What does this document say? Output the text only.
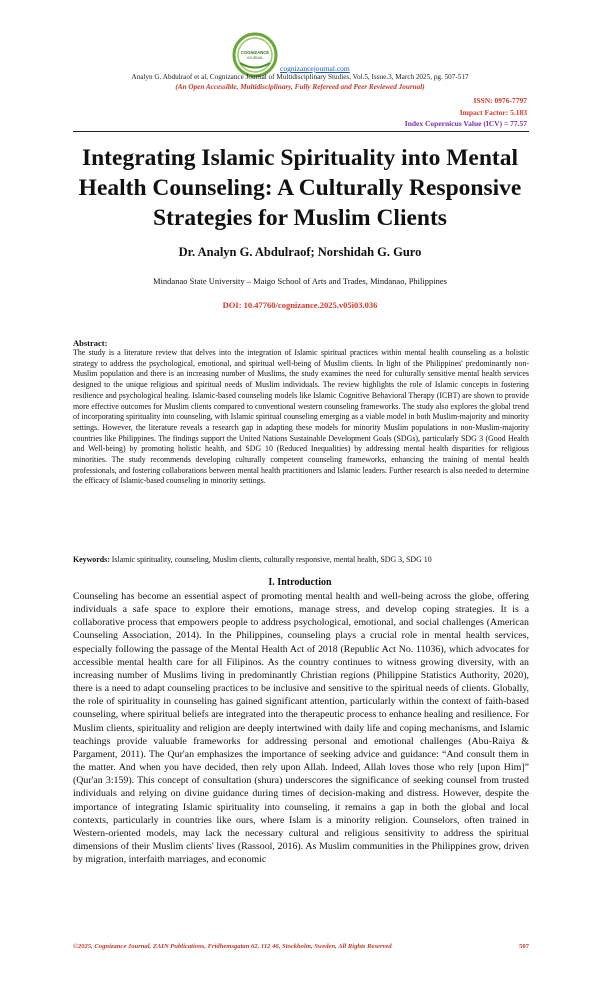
COGNIZANCE
JOURNAL
cognizancejournal.com
Analyn G. Abdulraof et al, Cognizance Journal of Multidisciplinary Studies, Vol.5, Issue.3, March 2025, pg. 507-517
(An Open Accessible, Multidisciplinary, Fully Refereed and Peer Reviewed Journal)
ISSN: 0976-7797
Impact Factor: 5.183
Index Copernicus Value (ICV) = 77.57
Integrating Islamic Spirituality into Mental Health Counseling: A Culturally Responsive Strategies for Muslim Clients
Dr. Analyn G. Abdulraof; Norshidah G. Guro
Mindanao State University – Maigo School of Arts and Trades, Mindanao, Philippines
DOI: 10.47760/cognizance.2025.v05i03.036
Abstract:
The study is a literature review that delves into the integration of Islamic spiritual practices within mental health counseling as a holistic strategy to address the psychological, emotional, and spiritual well-being of Muslim clients. In light of the Philippines' predominantly non-Muslim population and there is an increasing number of Muslims, the study examines the need for culturally sensitive mental health services designed to the unique religious and spiritual needs of Muslim individuals. The review highlights the role of Islamic concepts in fostering resilience and psychological healing. Islamic-based counseling models like Islamic Cognitive Behavioral Therapy (ICBT) are shown to provide more effective outcomes for Muslim clients compared to conventional western counseling frameworks. The study also explores the global trend of incorporating spirituality into counseling, with Islamic spiritual counseling emerging as a viable model in both Muslim-majority and minority settings. However, the literature reveals a research gap in adapting these models for minority Muslim populations in non-Muslim-majority countries like Philippines. The findings support the United Nations Sustainable Development Goals (SDGs), particularly SDG 3 (Good Health and Well-being) by promoting holistic health, and SDG 10 (Reduced Inequalities) by addressing mental health disparities for religious minorities. The study recommends developing culturally competent counseling frameworks, enhancing the training of mental health professionals, and fostering collaborations between mental health practitioners and Islamic leaders. Further research is also needed to determine the efficacy of Islamic-based counseling in minority settings.
Keywords: Islamic spirituality, counseling, Muslim clients, culturally responsive, mental health, SDG 3, SDG 10
I. Introduction
Counseling has become an essential aspect of promoting mental health and well-being across the globe, offering individuals a safe space to explore their emotions, manage stress, and develop coping strategies. It is a collaborative process that empowers people to address psychological, emotional, and social challenges (American Counseling Association, 2014). In the Philippines, counseling plays a crucial role in mental health services, especially following the passage of the Mental Health Act of 2018 (Republic Act No. 11036), which advocates for accessible mental health care for all Filipinos. As the country continues to witness growing diversity, with an increasing number of Muslims living in predominantly Christian regions (Philippine Statistics Authority, 2020), there is a need to adapt counseling practices to be inclusive and sensitive to the spiritual needs of clients. Globally, the role of spirituality in counseling has gained significant attention, particularly within the context of faith-based counseling, where spiritual beliefs are integrated into the therapeutic process to enhance healing and resilience. For Muslim clients, spirituality and religion are deeply intertwined with daily life and coping mechanisms, and Islamic teachings provide valuable frameworks for addressing personal and emotional challenges (Abu-Raiya & Pargament, 2011). The Qur'an emphasizes the importance of seeking advice and guidance: “And consult them in the matter. And when you have decided, then rely upon Allah. Indeed, Allah loves those who rely [upon Him]” (Qur'an 3:159). This concept of consultation (shura) underscores the significance of seeking counsel from trusted individuals and relying on divine guidance during times of decision-making and distress. However, despite the importance of integrating Islamic spirituality into counseling, it remains a gap in both the global and local contexts, particularly in countries like ours, where Islam is a minority religion. Counselors, often trained in Western-oriented models, may lack the necessary cultural and religious sensitivity to address the spiritual dimensions of their Muslim clients' lives (Rassool, 2016). As Muslim communities in the Philippines grow, driven by migration, interfaith marriages, and economic
©2025, Cognizance Journal, ZAIN Publications, Fridhemsgatan 62, 112 46, Stockholm, Sweden, All Rights Reserved	507
